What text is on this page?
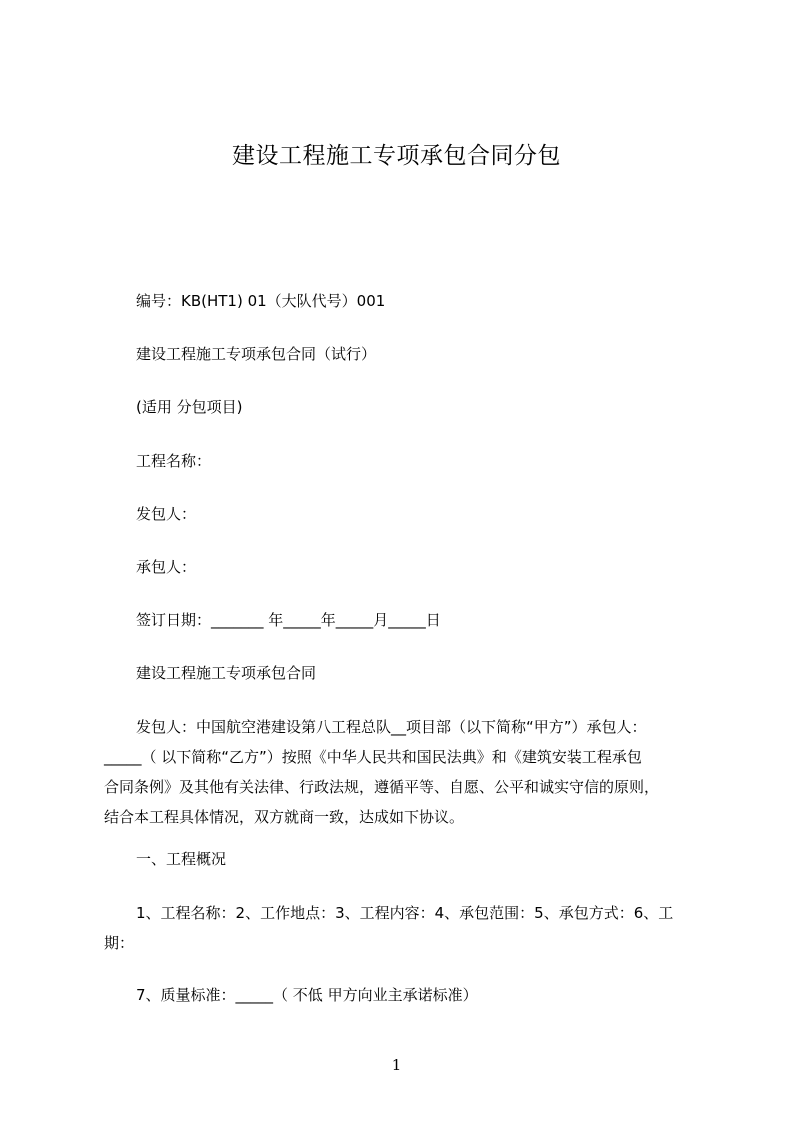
建设工程施工专项承包合同分包
编号：KB(HT1) 01（大队代号）001
建设工程施工专项承包合同（试行）
(适用 分包项目)
工程名称：
发包人：
承包人：
签订日期：_______ 年_____年_____月_____日
建设工程施工专项承包合同

发包人：中国航空港建设第八工程总队__项目部（以下简称“甲方”）承包人：

_____（ 以下简称“乙方”）按照《中华人民共和国民法典》和《建筑安装工程承包

合同条例》及其他有关法律、行政法规，遵循平等、自愿、公平和诚实守信的原则，

结合本工程具体情况，双方就商一致，达成如下协议。

一、工程概况

1、工程名称：2、工作地点：3、工程内容：4、承包范围：5、承包方式：6、工

期：

7、质量标准：_____（ 不低 甲方向业主承诺标准）
1
